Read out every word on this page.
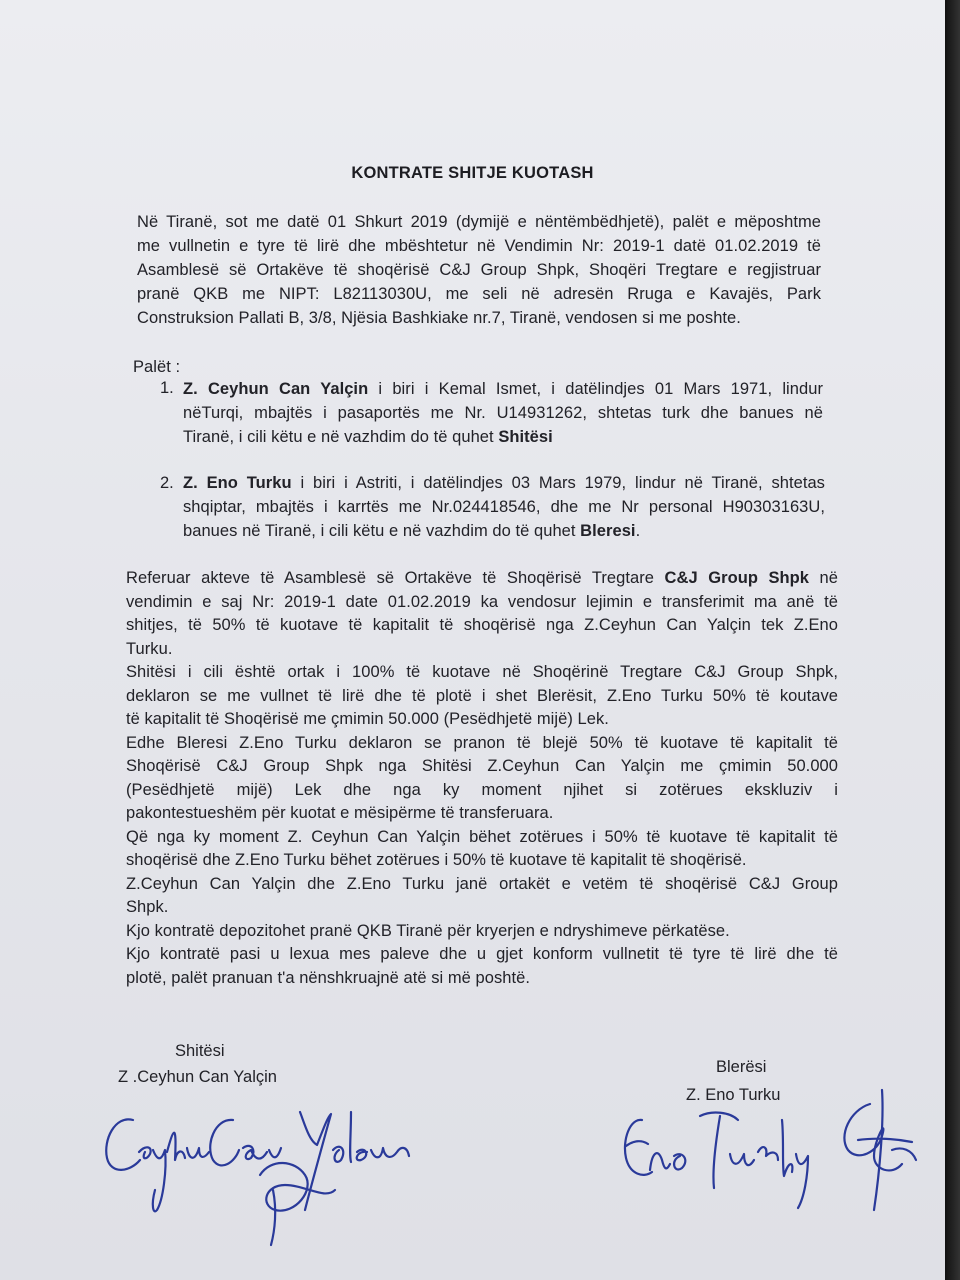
KONTRATE SHITJE KUOTASH
Në Tiranë, sot me datë 01 Shkurt 2019 (dymijë e nëntëmbëdhjetë), palët e mëposhtme
me vullnetin e tyre të lirë dhe mbështetur në Vendimin Nr: 2019-1 datë 01.02.2019 të
Asamblesë së Ortakëve të shoqërisë C&J Group Shpk, Shoqëri Tregtare e regjistruar
pranë QKB me NIPT: L82113030U, me seli në adresën Rruga e Kavajës, Park
Construksion Pallati B, 3/8, Njësia Bashkiake nr.7, Tiranë, vendosen si me poshte.
Palët :
1. Z. Ceyhun Can Yalçin i biri i Kemal Ismet, i datëlindjes 01 Mars 1971, lindur
nëTurqi, mbajtës i pasaportës me Nr. U14931262, shtetas turk dhe banues në
Tiranë, i cili këtu e në vazhdim do të quhet Shitësi
2. Z. Eno Turku i biri i Astriti, i datëlindjes 03 Mars 1979, lindur në Tiranë, shtetas
shqiptar, mbajtës i karrtës me Nr.024418546, dhe me Nr personal H90303163U,
banues në Tiranë, i cili këtu e në vazhdim do të quhet Bleresi.
Referuar akteve të Asamblesë së Ortakëve të Shoqërisë Tregtare C&J Group Shpk në
vendimin e saj Nr: 2019-1 date 01.02.2019 ka vendosur lejimin e transferimit ma anë të
shitjes, të 50% të kuotave të kapitalit të shoqërisë nga Z.Ceyhun Can Yalçin tek Z.Eno
Turku.
Shitësi i cili është ortak i 100% të kuotave në Shoqërinë Tregtare C&J Group Shpk,
deklaron se me vullnet të lirë dhe të plotë i shet Blerësit, Z.Eno Turku 50% të koutave
të kapitalit të Shoqërisë me çmimin 50.000 (Pesëdhjetë mijë) Lek.
Edhe Bleresi Z.Eno Turku deklaron se pranon të blejë 50% të kuotave të kapitalit të
Shoqërisë C&J Group Shpk nga Shitësi Z.Ceyhun Can Yalçin me çmimin 50.000
(Pesëdhjetë mijë) Lek dhe nga ky moment njihet si zotërues ekskluziv i
pakontestueshëm për kuotat e mësipërme të transferuara.
Që nga ky moment Z. Ceyhun Can Yalçin bëhet zotërues i 50% të kuotave të kapitalit të
shoqërisë dhe Z.Eno Turku bëhet zotërues i 50% të kuotave të kapitalit të shoqërisë.
Z.Ceyhun Can Yalçin dhe Z.Eno Turku janë ortakët e vetëm të shoqërisë C&J Group
Shpk.
Kjo kontratë depozitohet pranë QKB Tiranë për kryerjen e ndryshimeve përkatëse.
Kjo kontratë pasi u lexua mes paleve dhe u gjet konform vullnetit të tyre të lirë dhe të
plotë, palët pranuan t'a nënshkruajnë atë si më poshtë.
Shitësi
Z .Ceyhun Can Yalçin
Blerësi
Z. Eno Turku
